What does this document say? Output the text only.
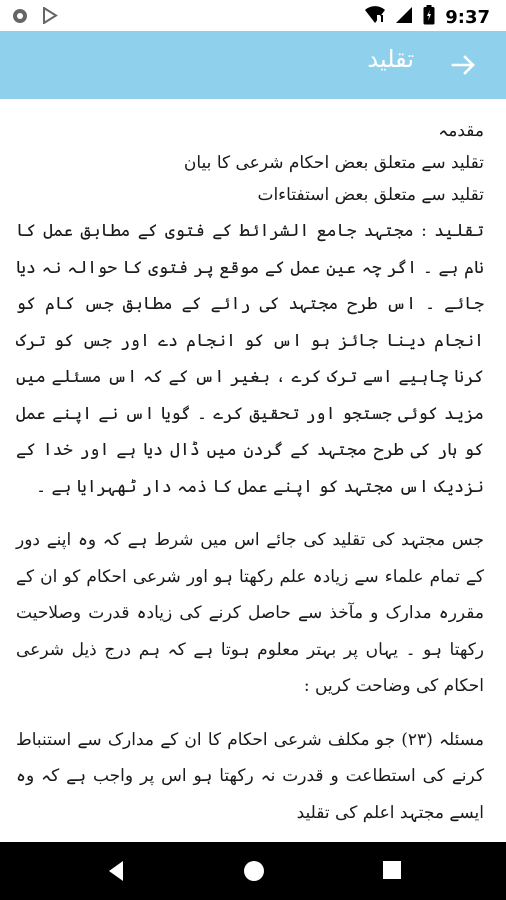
9:37
تقلید
مقدمہ
تقلید سے متعلق بعض احکام شرعی کا بیان
تقلید سے متعلق بعض استفتاءات

تقلید : مجتہد جامع الشرائط کے فتوی کے مطابق عمل کا نام ہے ۔ اگر چہ عین عمل کے موقع پر فتوی کا حوالہ نہ دیا جائے ۔ اس طرح مجتہد کی رائے کے مطابق جس کام کو انجام دینا جائز ہو اس کو انجام دے اور جس کو ترک کرنا چاہیے اسے ترک کرے ، بغیر اس کے کہ اس مسئلے میں مزید کوئی جستجو اور تحقیق کرے ۔ گویا اس نے اپنے عمل کو ہار کی طرح مجتہد کے گردن میں ڈال دیا ہے اور خدا کے نزدیک اس مجتہد کو اپنے عمل کا ذمہ دار ٹھہرایا ہے ۔

جس مجتہد کی تقلید کی جائے اس میں شرط ہے کہ وہ اپنے دور کے تمام علماء سے زیادہ علم رکھتا ہو اور شرعی احکام کو ان کے مقررہ مدارک و مآخذ سے حاصل کرنے کی زیادہ قدرت وصلاحیت رکھتا ہو ۔ یہاں پر بہتر معلوم ہوتا ہے کہ ہم درج ذیل شرعی احکام کی وضاحت کریں :

مسئلہ (۲۳) جو مکلف شرعی احکام کا ان کے مدارک سے استنباط کرنے کی استطاعت و قدرت نہ رکھتا ہو اس پر واجب ہے کہ وہ ایسے مجتہد اعلم کی تقلید
